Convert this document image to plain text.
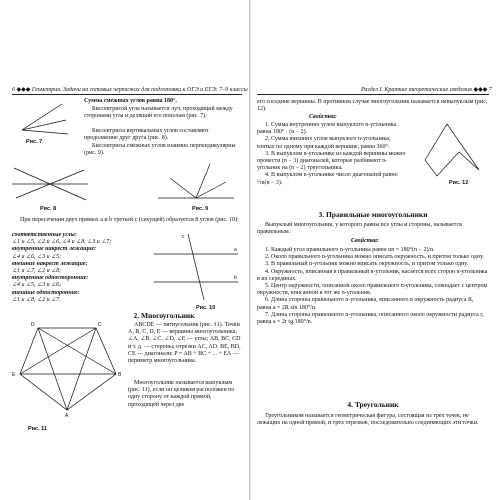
6 ◆◆◆ Геометрия. Задачи на готовых чертежах для подготовки к ОГЭ и ЕГЭ: 7–9 классы
Рис. 7
Сумма смежных углов равна 180°.
Биссектрисой угла называется луч, проходящий между сторонами угла и делящий его пополам (рис. 7).
Биссектрисы вертикальных углов составляют продолжение друг друга (рис. 8).
Биссектрисы смежных углов взаимно перпендикулярны (рис. 9).
Рис. 8	Рис. 9
При пересечении двух прямых a и b третьей c (секущей) образуется 8 углов (рис. 10):
соответственные углы:
∠1 и ∠5, ∠2 и ∠6, ∠4 и ∠8, ∠3 и ∠7;
внутренние накрест лежащие:
∠4 и ∠6, ∠3 и ∠5;
внешние накрест лежащие:
∠1 и ∠7, ∠2 и ∠8;
внутренние односторонние:
∠4 и ∠5, ∠3 и ∠6;
внешние односторонние:
∠1 и ∠8, ∠2 и ∠7.
a
b
c
Рис. 10
2. Многоугольник
D	C
E	B
A
Рис. 11
ABCDE — пятиугольник (рис. 11). Точки A, B, C, D, E — вершины многоугольника; ∠A, ∠B, ∠C, ∠D, ∠E — углы; AB, BC, CD и т. д. — стороны; отрезки AC, AD, BE, BD, CE — диагонали; P = AB + BC + ... + EA — периметр многоугольника.
Многоугольник называется выпуклым (рис. 11), если он целиком расположен по одну сторону от каждой прямой, проходящей через две
Раздел I. Краткие теоретические сведения ◆◆◆ 7
его соседние вершины. В противном случае многоугольник называется невыпуклым (рис. 12).
Свойства:
1. Сумма внутренних углов выпуклого n-угольника равна 180° · (n − 2).
2. Сумма внешних углов выпуклого n-угольника, взятых по одному при каждой вершине, равна 360°.
3. В выпуклом n-угольнике из каждой вершины можно провести (n − 3) диагоналей, которые разбивают n-угольник на (n − 2) треугольника.
4. В выпуклом n-угольнике число диагоналей равно ½n(n − 3).	Рис. 12
3. Правильные многоугольники
Выпуклый многоугольник, у которого равны все углы и стороны, называется правильным.
Свойства:
1. Каждый угол правильного n-угольника равен αn = 180°(n − 2)/n.
2. Около правильного n-угольника можно описать окружность, и притом только одну.
3. В правильный n-угольник можно вписать окружность, и притом только одну.
4. Окружность, вписанная в правильный n-угольник, касается всех сторон n-угольника в их серединах.
5. Центр окружности, описанной около правильного n-угольника, совпадает с центром окружности, вписанной в тот же n-угольник.
6. Длина стороны правильного n-угольника, вписанного в окружность радиуса R, равна a = 2R sin 180°/n.
7. Длина стороны правильного n-угольника, описанного около окружности радиуса r, равна a = 2r tg 180°/n.
4. Треугольник
Треугольником называется геометрическая фигура, состоящая из трех точек, не лежащих на одной прямой, и трех отрезков, последовательно соединяющих эти точки.
